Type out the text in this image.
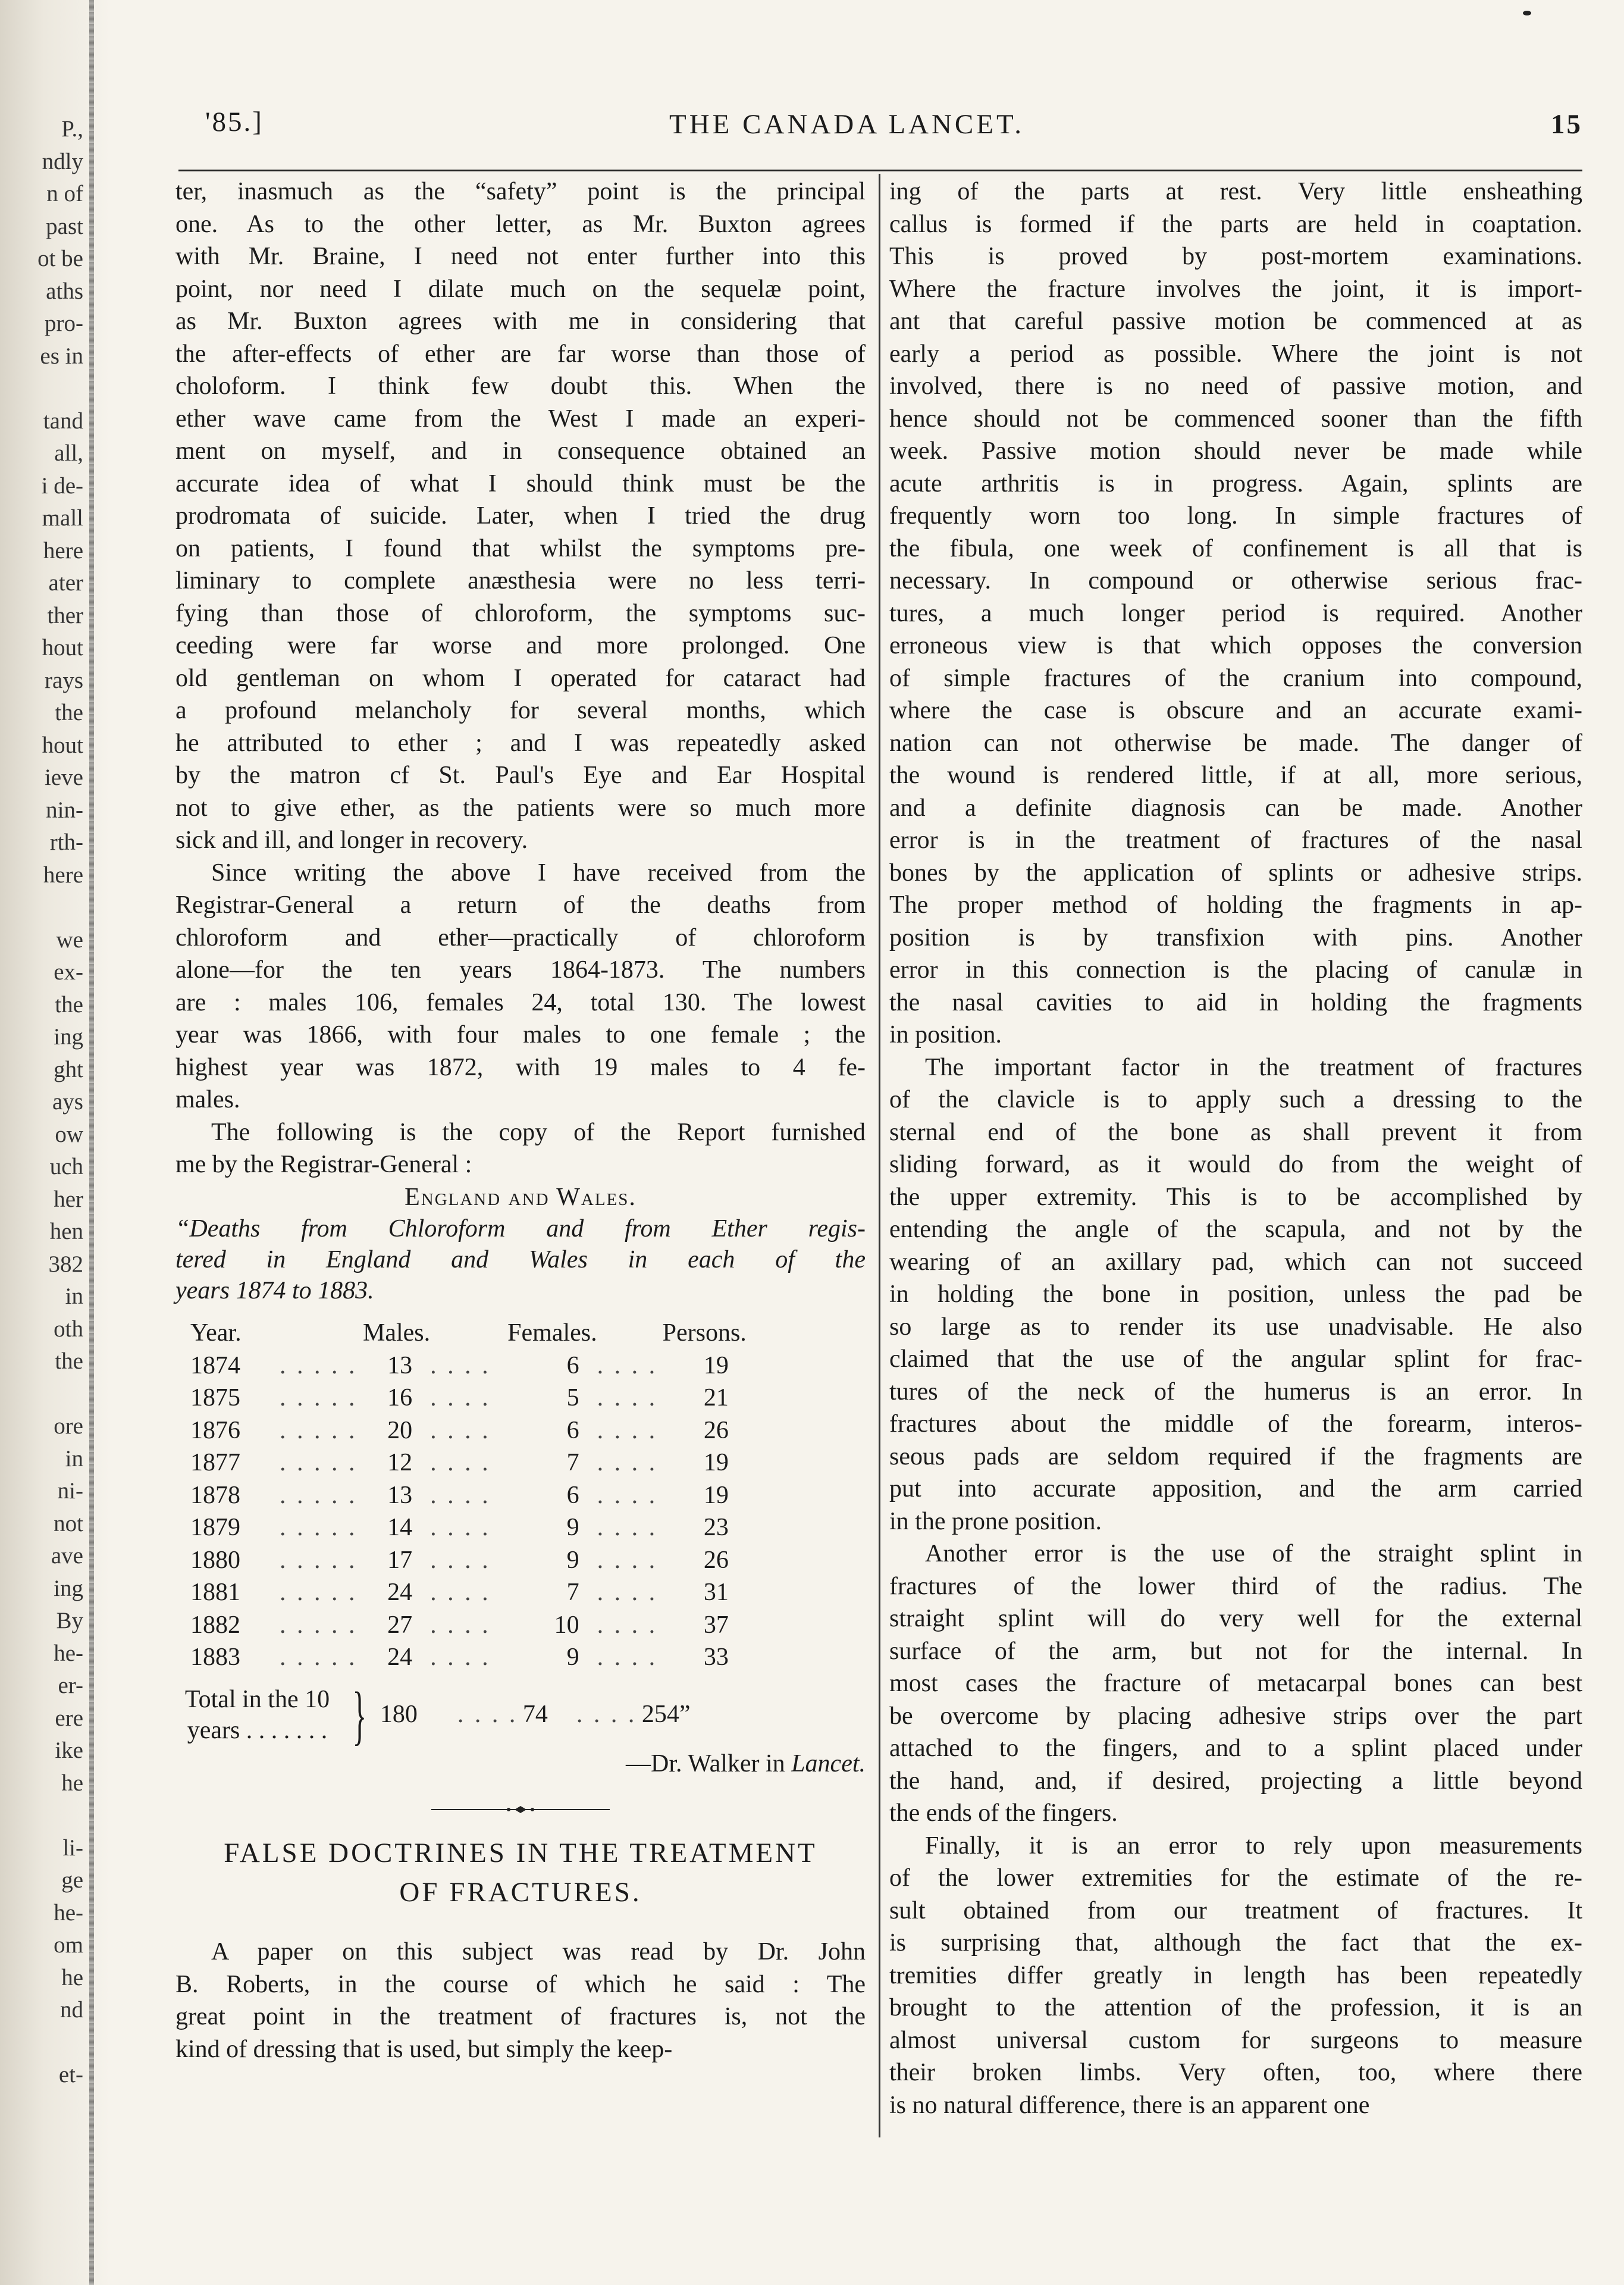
P.,
ndly
n of
past
ot be
aths
pro-
es in
tand
all,
i de-
mall
here
ater
ther
hout
rays
the
hout
ieve
nin-
rth-
here
we
ex-
the
ing
ght
ays
ow
uch
her
hen
382
in
oth
the
ore
in
ni-
not
ave
ing
By
he-
er-
ere
ike
he
li-
ge
he-
om
he
nd
et-
'85.]	THE CANADA LANCET.	15

ter, inasmuch as the “safety” point is the principal
one. As to the other letter, as Mr. Buxton agrees
with Mr. Braine, I need not enter further into this
point, nor need I dilate much on the sequelæ point,
as Mr. Buxton agrees with me in considering that
the after-effects of ether are far worse than those of
choloform. I think few doubt this. When the
ether wave came from the West I made an experi-
ment on myself, and in consequence obtained an
accurate idea of what I should think must be the
prodromata of suicide. Later, when I tried the drug
on patients, I found that whilst the symptoms pre-
liminary to complete anæsthesia were no less terri-
fying than those of chloroform, the symptoms suc-
ceeding were far worse and more prolonged. One
old gentleman on whom I operated for cataract had
a profound melancholy for several months, which
he attributed to ether ; and I was repeatedly asked
by the matron cf St. Paul's Eye and Ear Hospital
not to give ether, as the patients were so much more
sick and ill, and longer in recovery.

Since writing the above I have received from the
Registrar-General a return of the deaths from
chloroform and ether—practically of chloroform
alone—for the ten years 1864-1873. The numbers
are : males 106, females 24, total 130. The lowest
year was 1866, with four males to one female ; the
highest year was 1872, with 19 males to 4 fe-
males.

The following is the copy of the Report furnished
me by the Registrar-General :

England and Wales.

“Deaths from Chloroform and from Ether regis-
tered in England and Wales in each of the
years 1874 to 1883.

Year.		Males.		Females.		Persons.
1874	. . . . .	13	. . . .	6	. . . .	19
1875	. . . . .	16	. . . .	5	. . . .	21
1876	. . . . .	20	. . . .	6	. . . .	26
1877	. . . . .	12	. . . .	7	. . . .	19
1878	. . . . .	13	. . . .	6	. . . .	19
1879	. . . . .	14	. . . .	9	. . . .	23
1880	. . . . .	17	. . . .	9	. . . .	26
1881	. . . . .	24	. . . .	7	. . . .	31
1882	. . . . .	27	. . . .	10	. . . .	37
1883	. . . . .	24	. . . .	9	. . . .	33
Total in the 10
years . . . . . . . } 180	. . . . 74	. . . . 254”

—Dr. Walker in Lancet.

FALSE DOCTRINES IN THE TREATMENT
OF FRACTURES.

A paper on this subject was read by Dr. John
B. Roberts, in the course of which he said : The
great point in the treatment of fractures is, not the
kind of dressing that is used, but simply the keep-

ing of the parts at rest. Very little ensheathing
callus is formed if the parts are held in coaptation.
This is proved by post-mortem examinations.
Where the fracture involves the joint, it is import-
ant that careful passive motion be commenced at as
early a period as possible. Where the joint is not
involved, there is no need of passive motion, and
hence should not be commenced sooner than the fifth
week. Passive motion should never be made while
acute arthritis is in progress. Again, splints are
frequently worn too long. In simple fractures of
the fibula, one week of confinement is all that is
necessary. In compound or otherwise serious frac-
tures, a much longer period is required. Another
erroneous view is that which opposes the conversion
of simple fractures of the cranium into compound,
where the case is obscure and an accurate exami-
nation can not otherwise be made. The danger of
the wound is rendered little, if at all, more serious,
and a definite diagnosis can be made. Another
error is in the treatment of fractures of the nasal
bones by the application of splints or adhesive strips.
The proper method of holding the fragments in ap-
position is by transfixion with pins. Another
error in this connection is the placing of canulæ in
the nasal cavities to aid in holding the fragments
in position.

The important factor in the treatment of fractures
of the clavicle is to apply such a dressing to the
sternal end of the bone as shall prevent it from
sliding forward, as it would do from the weight of
the upper extremity. This is to be accomplished by
entending the angle of the scapula, and not by the
wearing of an axillary pad, which can not succeed
in holding the bone in position, unless the pad be
so large as to render its use unadvisable. He also
claimed that the use of the angular splint for frac-
tures of the neck of the humerus is an error. In
fractures about the middle of the forearm, interos-
seous pads are seldom required if the fragments are
put into accurate apposition, and the arm carried
in the prone position.

Another error is the use of the straight splint in
fractures of the lower third of the radius. The
straight splint will do very well for the external
surface of the arm, but not for the internal. In
most cases the fracture of metacarpal bones can best
be overcome by placing adhesive strips over the part
attached to the fingers, and to a splint placed under
the hand, and, if desired, projecting a little beyond
the ends of the fingers.

Finally, it is an error to rely upon measurements
of the lower extremities for the estimate of the re-
sult obtained from our treatment of fractures. It
is surprising that, although the fact that the ex-
tremities differ greatly in length has been repeatedly
brought to the attention of the profession, it is an
almost universal custom for surgeons to measure
their broken limbs. Very often, too, where there
is no natural difference, there is an apparent one
